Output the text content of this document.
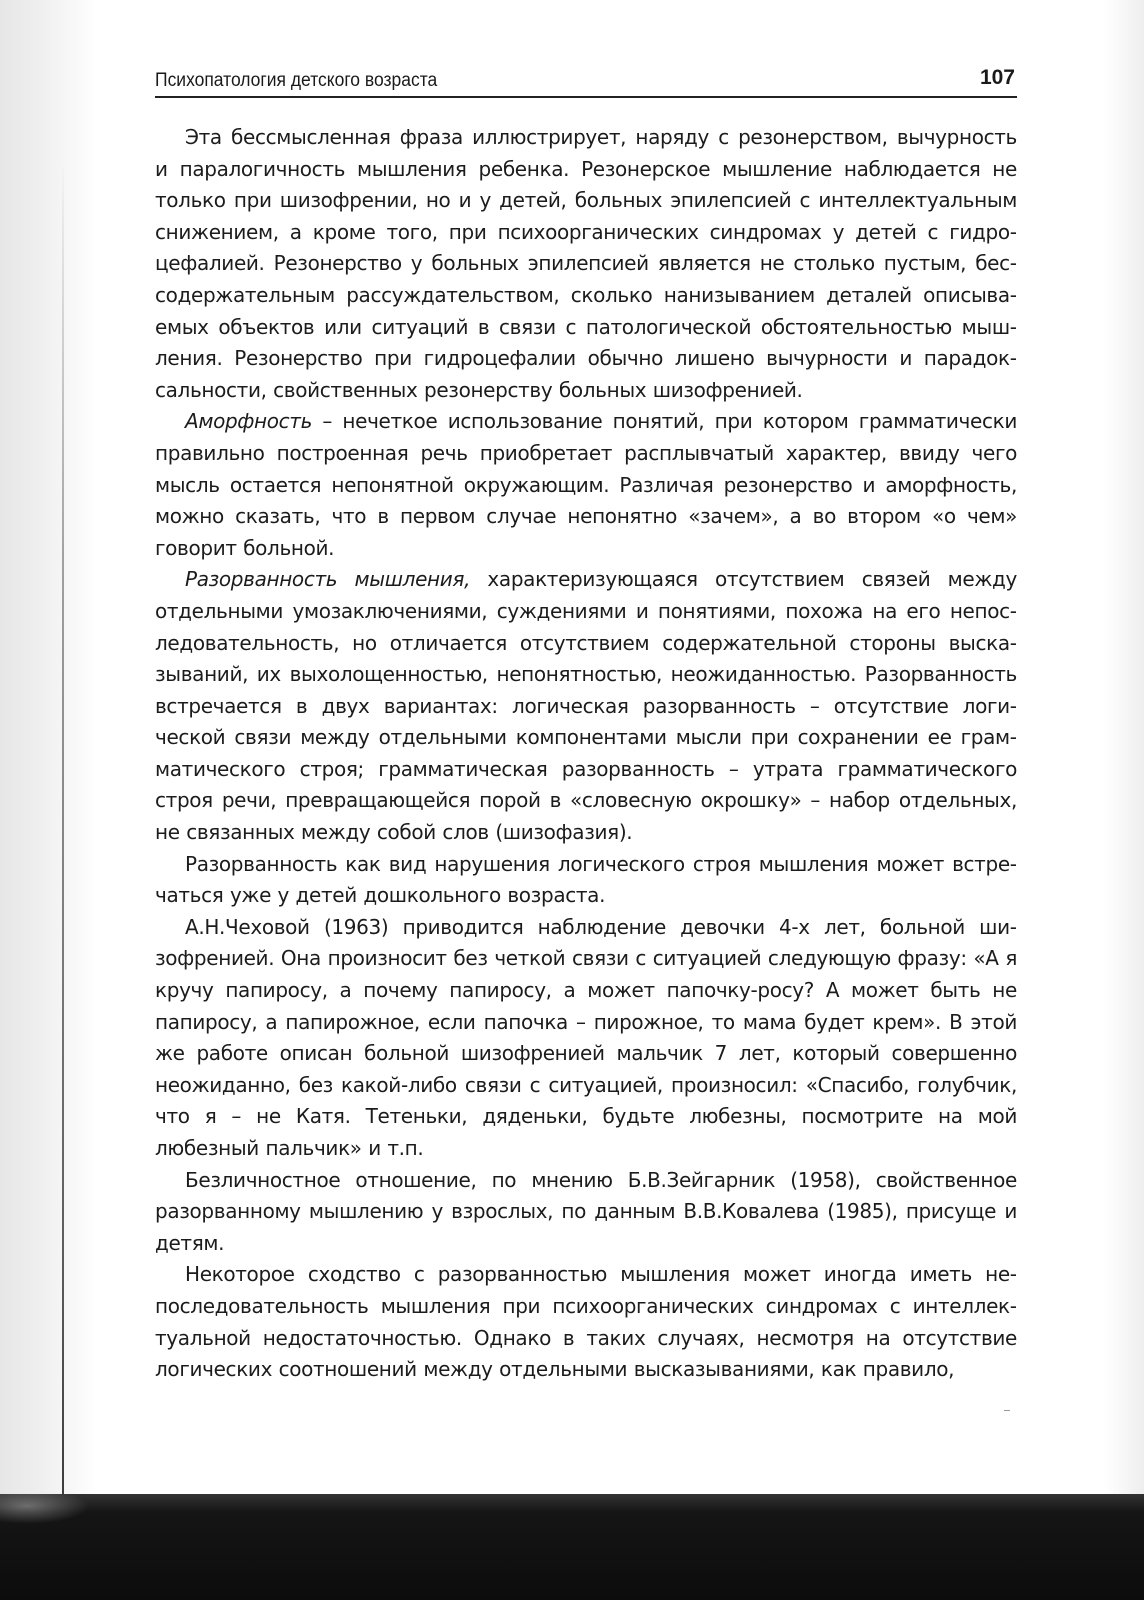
Психопатология детского возраста	107

Эта бессмысленная фраза иллюстрирует, наряду с резонерством, вычурность и паралогичность мышления ребенка. Резонерское мышление наблюдается не только при шизофрении, но и у детей, больных эпилепсией с интеллектуальным снижением, а кроме того, при психоорганических синдромах у детей с гидроцефалией. Резонерство у больных эпилепсией является не столько пустым, бессодержательным рассуждательством, сколько нанизыванием деталей описываемых объектов или ситуаций в связи с патологической обстоятельностью мышления. Резонерство при гидроцефалии обычно лишено вычурности и парадоксальности, свойственных резонерству больных шизофренией.

Аморфность – нечеткое использование понятий, при котором грамматически правильно построенная речь приобретает расплывчатый характер, ввиду чего мысль остается непонятной окружающим. Различая резонерство и аморфность, можно сказать, что в первом случае непонятно «зачем», а во втором «о чем» говорит больной.

Разорванность мышления, характеризующаяся отсутствием связей между отдельными умозаключениями, суждениями и понятиями, похожа на его непоследовательность, но отличается отсутствием содержательной стороны высказываний, их выхолощенностью, непонятностью, неожиданностью. Разорванность встречается в двух вариантах: логическая разорванность – отсутствие логической связи между отдельными компонентами мысли при сохранении ее грамматического строя; грамматическая разорванность – утрата грамматического строя речи, превращающейся порой в «словесную окрошку» – набор отдельных, не связанных между собой слов (шизофазия).

Разорванность как вид нарушения логического строя мышления может встречаться уже у детей дошкольного возраста.

А.Н.Чеховой (1963) приводится наблюдение девочки 4-х лет, больной шизофренией. Она произносит без четкой связи с ситуацией следующую фразу: «А я кручу папиросу, а почему папиросу, а может папочку-росу? А может быть не папиросу, а папирожное, если папочка – пирожное, то мама будет крем». В этой же работе описан больной шизофренией мальчик 7 лет, который совершенно неожиданно, без какой-либо связи с ситуацией, произносил: «Спасибо, голубчик, что я – не Катя. Тетеньки, дяденьки, будьте любезны, посмотрите на мой любезный пальчик» и т.п.

Безличностное отношение, по мнению Б.В.Зейгарник (1958), свойственное разорванному мышлению у взрослых, по данным В.В.Ковалева (1985), присуще и детям.

Некоторое сходство с разорванностью мышления может иногда иметь непоследовательность мышления при психоорганических синдромах с интеллектуальной недостаточностью. Однако в таких случаях, несмотря на отсутствие логических соотношений между отдельными высказываниями, как правило,
